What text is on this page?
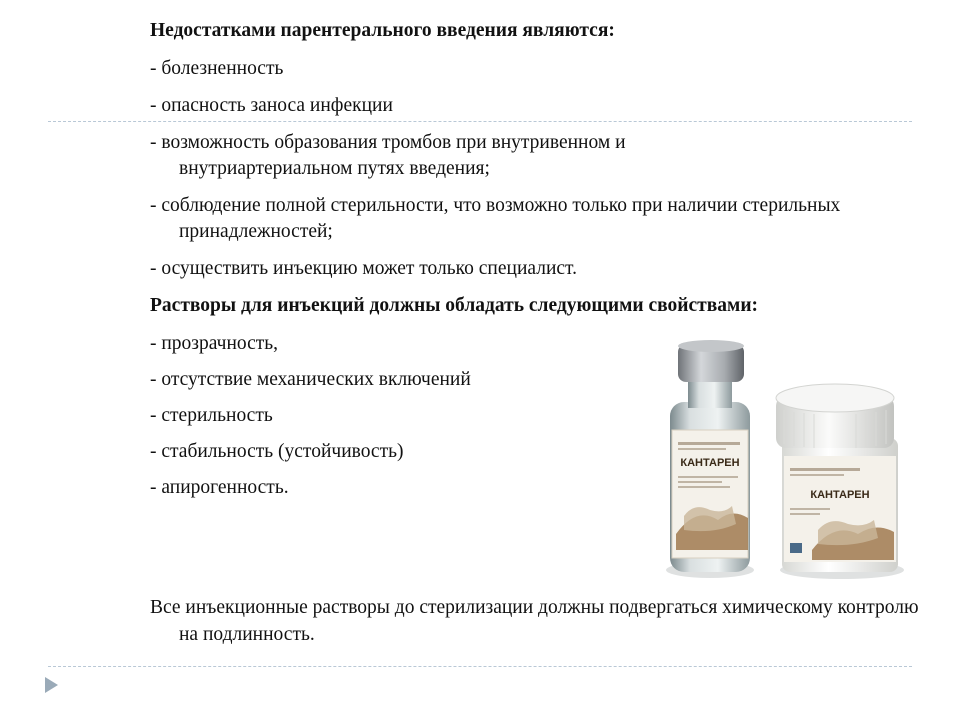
Недостатками парентерального введения являются:

- болезненность

- опасность заноса инфекции

- возможность образования тромбов при внутривенном и внутриартериальном путях введения;

- соблюдение полной стерильности, что возможно только при наличии стерильных принадлежностей;

- осуществить инъекцию может только специалист.

Растворы для инъекций должны обладать следующими свойствами:

- прозрачность,

- отсутствие механических включений

- стерильность

- стабильность (устойчивость)

- апирогенность.

Все инъекционные растворы до стерилизации должны подвергаться химическому контролю на подлинность.

КАНТАРЕН
КАНТАРЕН
